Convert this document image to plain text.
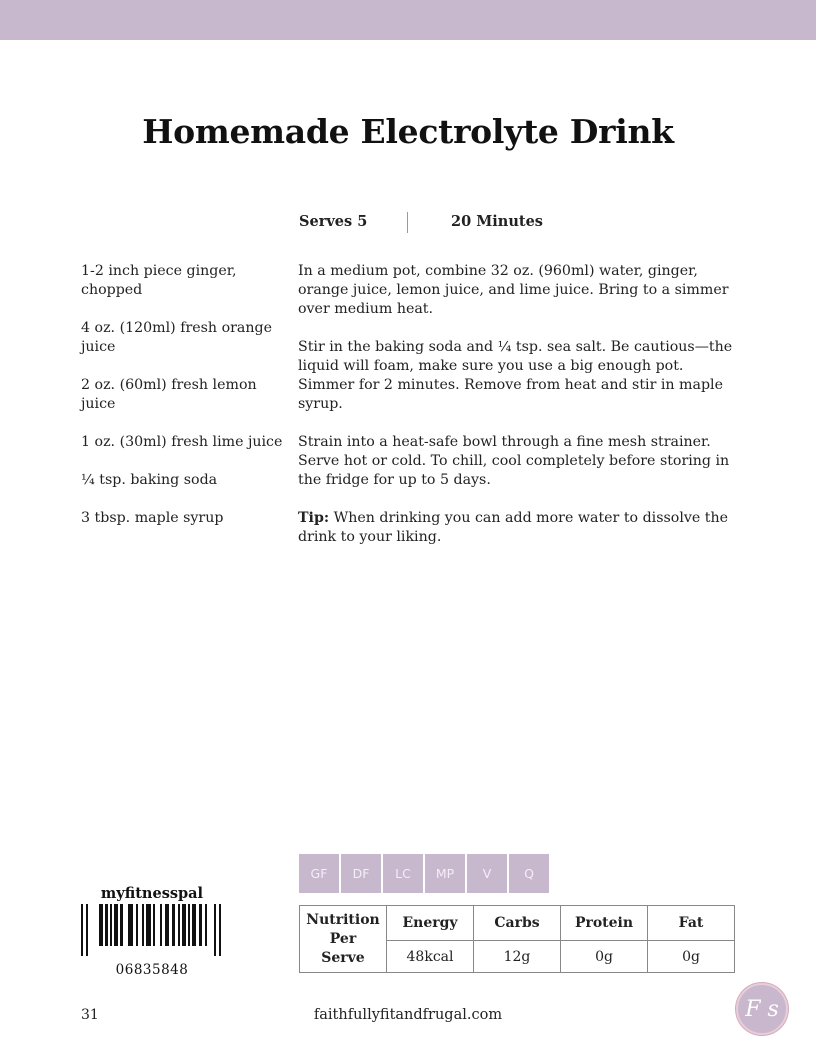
Homemade Electrolyte Drink
Serves 5	20 Minutes

1-2 inch piece ginger, chopped

4 oz. (120ml) fresh orange juice

2 oz. (60ml) fresh lemon juice

1 oz. (30ml) fresh lime juice

¼ tsp. baking soda

3 tbsp. maple syrup

In a medium pot, combine 32 oz. (960ml) water, ginger, orange juice, lemon juice, and lime juice. Bring to a simmer over medium heat.

Stir in the baking soda and ¼ tsp. sea salt. Be cautious—the liquid will foam, make sure you use a big enough pot. Simmer for 2 minutes. Remove from heat and stir in maple syrup.

Strain into a heat-safe bowl through a fine mesh strainer. Serve hot or cold. To chill, cool completely before storing in the fridge for up to 5 days.

Tip: When drinking you can add more water to dissolve the drink to your liking.

GF	DF	LC	MP	V	Q
myfitnesspal
06835848
Nutrition
Per Serve	Energy	Carbs	Protein	Fat
	48kcal	12g	0g	0g
31	faithfullyfitandfrugal.com	F s
